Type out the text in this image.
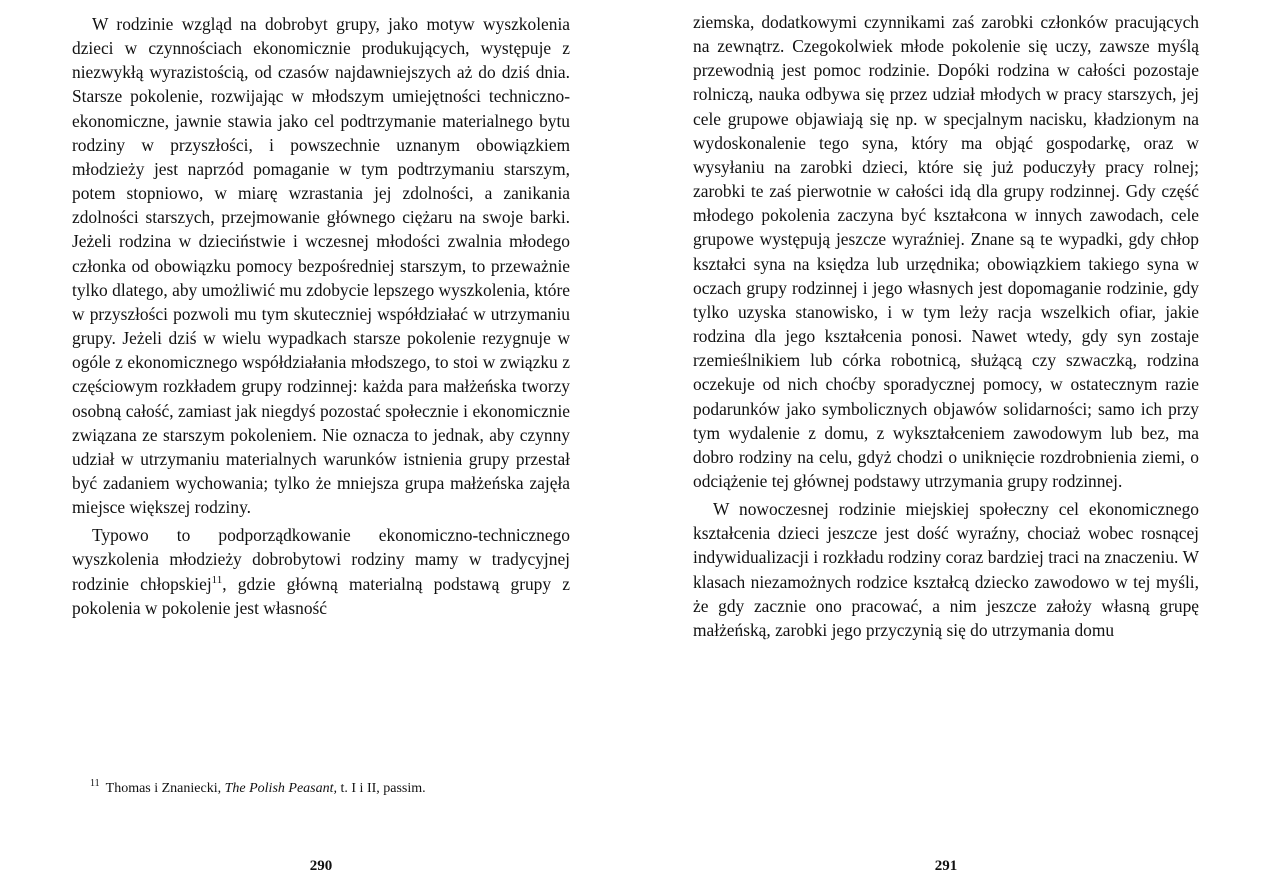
W rodzinie wzgląd na dobrobyt grupy, jako motyw wyszkolenia dzieci w czynnościach ekonomicznie produkujących, występuje z niezwykłą wyrazistością, od czasów najdawniejszych aż do dziś dnia. Starsze pokolenie, rozwijając w młodszym umiejętności techniczno-ekonomiczne, jawnie stawia jako cel podtrzymanie materialnego bytu rodziny w przyszłości, i powszechnie uznanym obowiązkiem młodzieży jest naprzód pomaganie w tym podtrzymaniu starszym, potem stopniowo, w miarę wzrastania jej zdolności, a zanikania zdolności starszych, przejmowanie głównego ciężaru na swoje barki. Jeżeli rodzina w dzieciństwie i wczesnej młodości zwalnia młodego członka od obowiązku pomocy bezpośredniej starszym, to przeważnie tylko dlatego, aby umożliwić mu zdobycie lepszego wyszkolenia, które w przyszłości pozwoli mu tym skuteczniej współdziałać w utrzymaniu grupy. Jeżeli dziś w wielu wypadkach starsze pokolenie rezygnuje w ogóle z ekonomicznego współdziałania młodszego, to stoi w związku z częściowym rozkładem grupy rodzinnej: każda para małżeńska tworzy osobną całość, zamiast jak niegdyś pozostać społecznie i ekonomicznie związana ze starszym pokoleniem. Nie oznacza to jednak, aby czynny udział w utrzymaniu materialnych warunków istnienia grupy przestał być zadaniem wychowania; tylko że mniejsza grupa małżeńska zajęła miejsce większej rodziny.

Typowo to podporządkowanie ekonomiczno-technicznego wyszkolenia młodzieży dobrobytowi rodziny mamy w tradycyjnej rodzinie chłopskiej$^{11}$, gdzie główną materialną podstawą grupy z pokolenia w pokolenie jest własność

$^{11}$ Thomas i Znaniecki, The Polish Peasant, t. I i II, passim.
290

ziemska, dodatkowymi czynnikami zaś zarobki członków pracujących na zewnątrz. Czegokolwiek młode pokolenie się uczy, zawsze myślą przewodnią jest pomoc rodzinie. Dopóki rodzina w całości pozostaje rolniczą, nauka odbywa się przez udział młodych w pracy starszych, jej cele grupowe objawiają się np. w specjalnym nacisku, kładzionym na wydoskonalenie tego syna, który ma objąć gospodarkę, oraz w wysyłaniu na zarobki dzieci, które się już poduczyły pracy rolnej; zarobki te zaś pierwotnie w całości idą dla grupy rodzinnej. Gdy część młodego pokolenia zaczyna być kształcona w innych zawodach, cele grupowe występują jeszcze wyraźniej. Znane są te wypadki, gdy chłop kształci syna na księdza lub urzędnika; obowiązkiem takiego syna w oczach grupy rodzinnej i jego własnych jest dopomaganie rodzinie, gdy tylko uzyska stanowisko, i w tym leży racja wszelkich ofiar, jakie rodzina dla jego kształcenia ponosi. Nawet wtedy, gdy syn zostaje rzemieślnikiem lub córka robotnicą, służącą czy szwaczką, rodzina oczekuje od nich choćby sporadycznej pomocy, w ostatecznym razie podarunków jako symbolicznych objawów solidarności; samo ich przy tym wydalenie z domu, z wykształceniem zawodowym lub bez, ma dobro rodziny na celu, gdyż chodzi o uniknięcie rozdrobnienia ziemi, o odciążenie tej głównej podstawy utrzymania grupy rodzinnej.

W nowoczesnej rodzinie miejskiej społeczny cel ekonomicznego kształcenia dzieci jeszcze jest dość wyraźny, chociaż wobec rosnącej indywidualizacji i rozkładu rodziny coraz bardziej traci na znaczeniu. W klasach niezamożnych rodzice kształcą dziecko zawodowo w tej myśli, że gdy zacznie ono pracować, a nim jeszcze założy własną grupę małżeńską, zarobki jego przyczynią się do utrzymania domu

291
